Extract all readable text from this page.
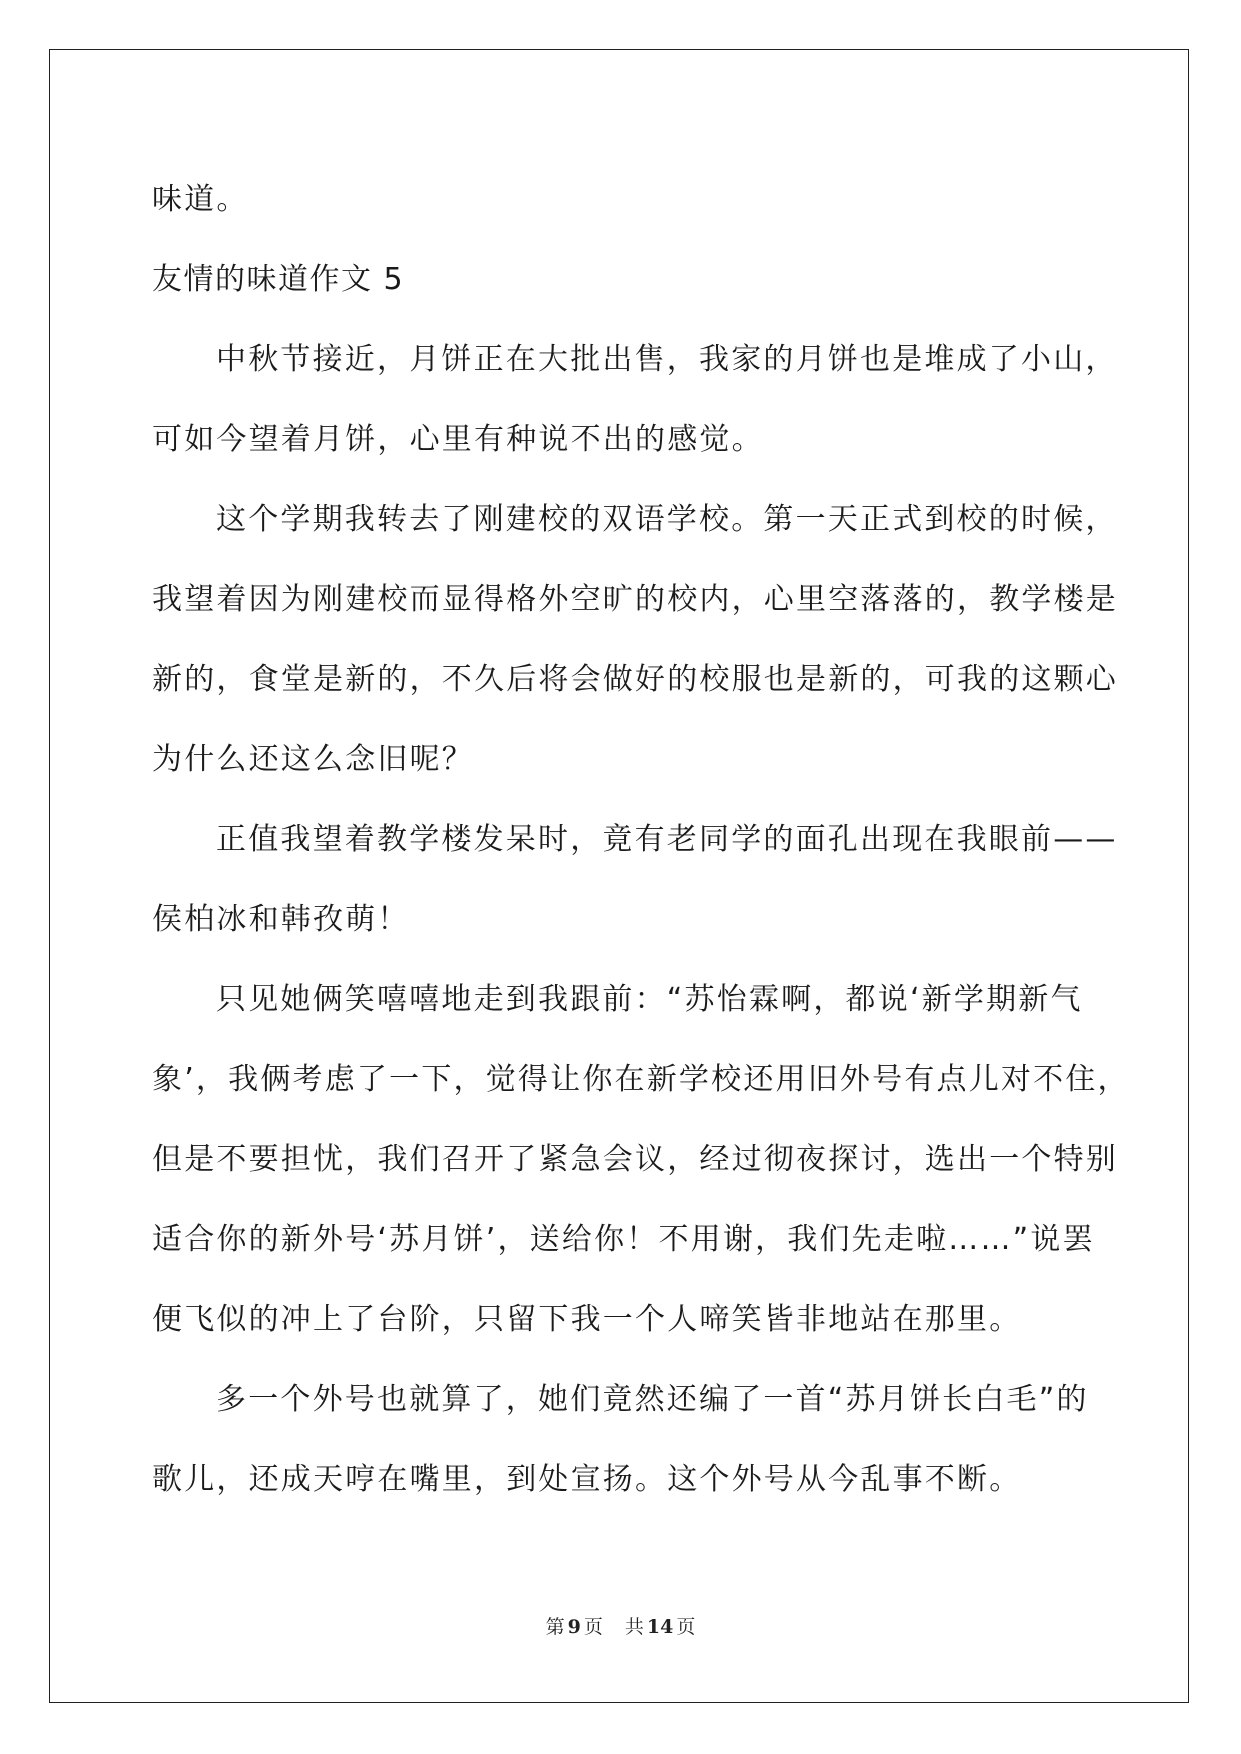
味道。
友情的味道作文 5
中秋节接近，月饼正在大批出售，我家的月饼也是堆成了小山，
可如今望着月饼，心里有种说不出的感觉。
这个学期我转去了刚建校的双语学校。第一天正式到校的时候，
我望着因为刚建校而显得格外空旷的校内，心里空落落的，教学楼是
新的，食堂是新的，不久后将会做好的校服也是新的，可我的这颗心
为什么还这么念旧呢？
正值我望着教学楼发呆时，竟有老同学的面孔出现在我眼前——
侯柏冰和韩孜萌！
只见她俩笑嘻嘻地走到我跟前：“苏怡霖啊，都说‘新学期新气
象’，我俩考虑了一下，觉得让你在新学校还用旧外号有点儿对不住，
但是不要担忧，我们召开了紧急会议，经过彻夜探讨，选出一个特别
适合你的新外号‘苏月饼’，送给你！不用谢，我们先走啦……”说罢
便飞似的冲上了台阶，只留下我一个人啼笑皆非地站在那里。
多一个外号也就算了，她们竟然还编了一首“苏月饼长白毛”的
歌儿，还成天哼在嘴里，到处宣扬。这个外号从今乱事不断。
第 9 页 共 14 页
